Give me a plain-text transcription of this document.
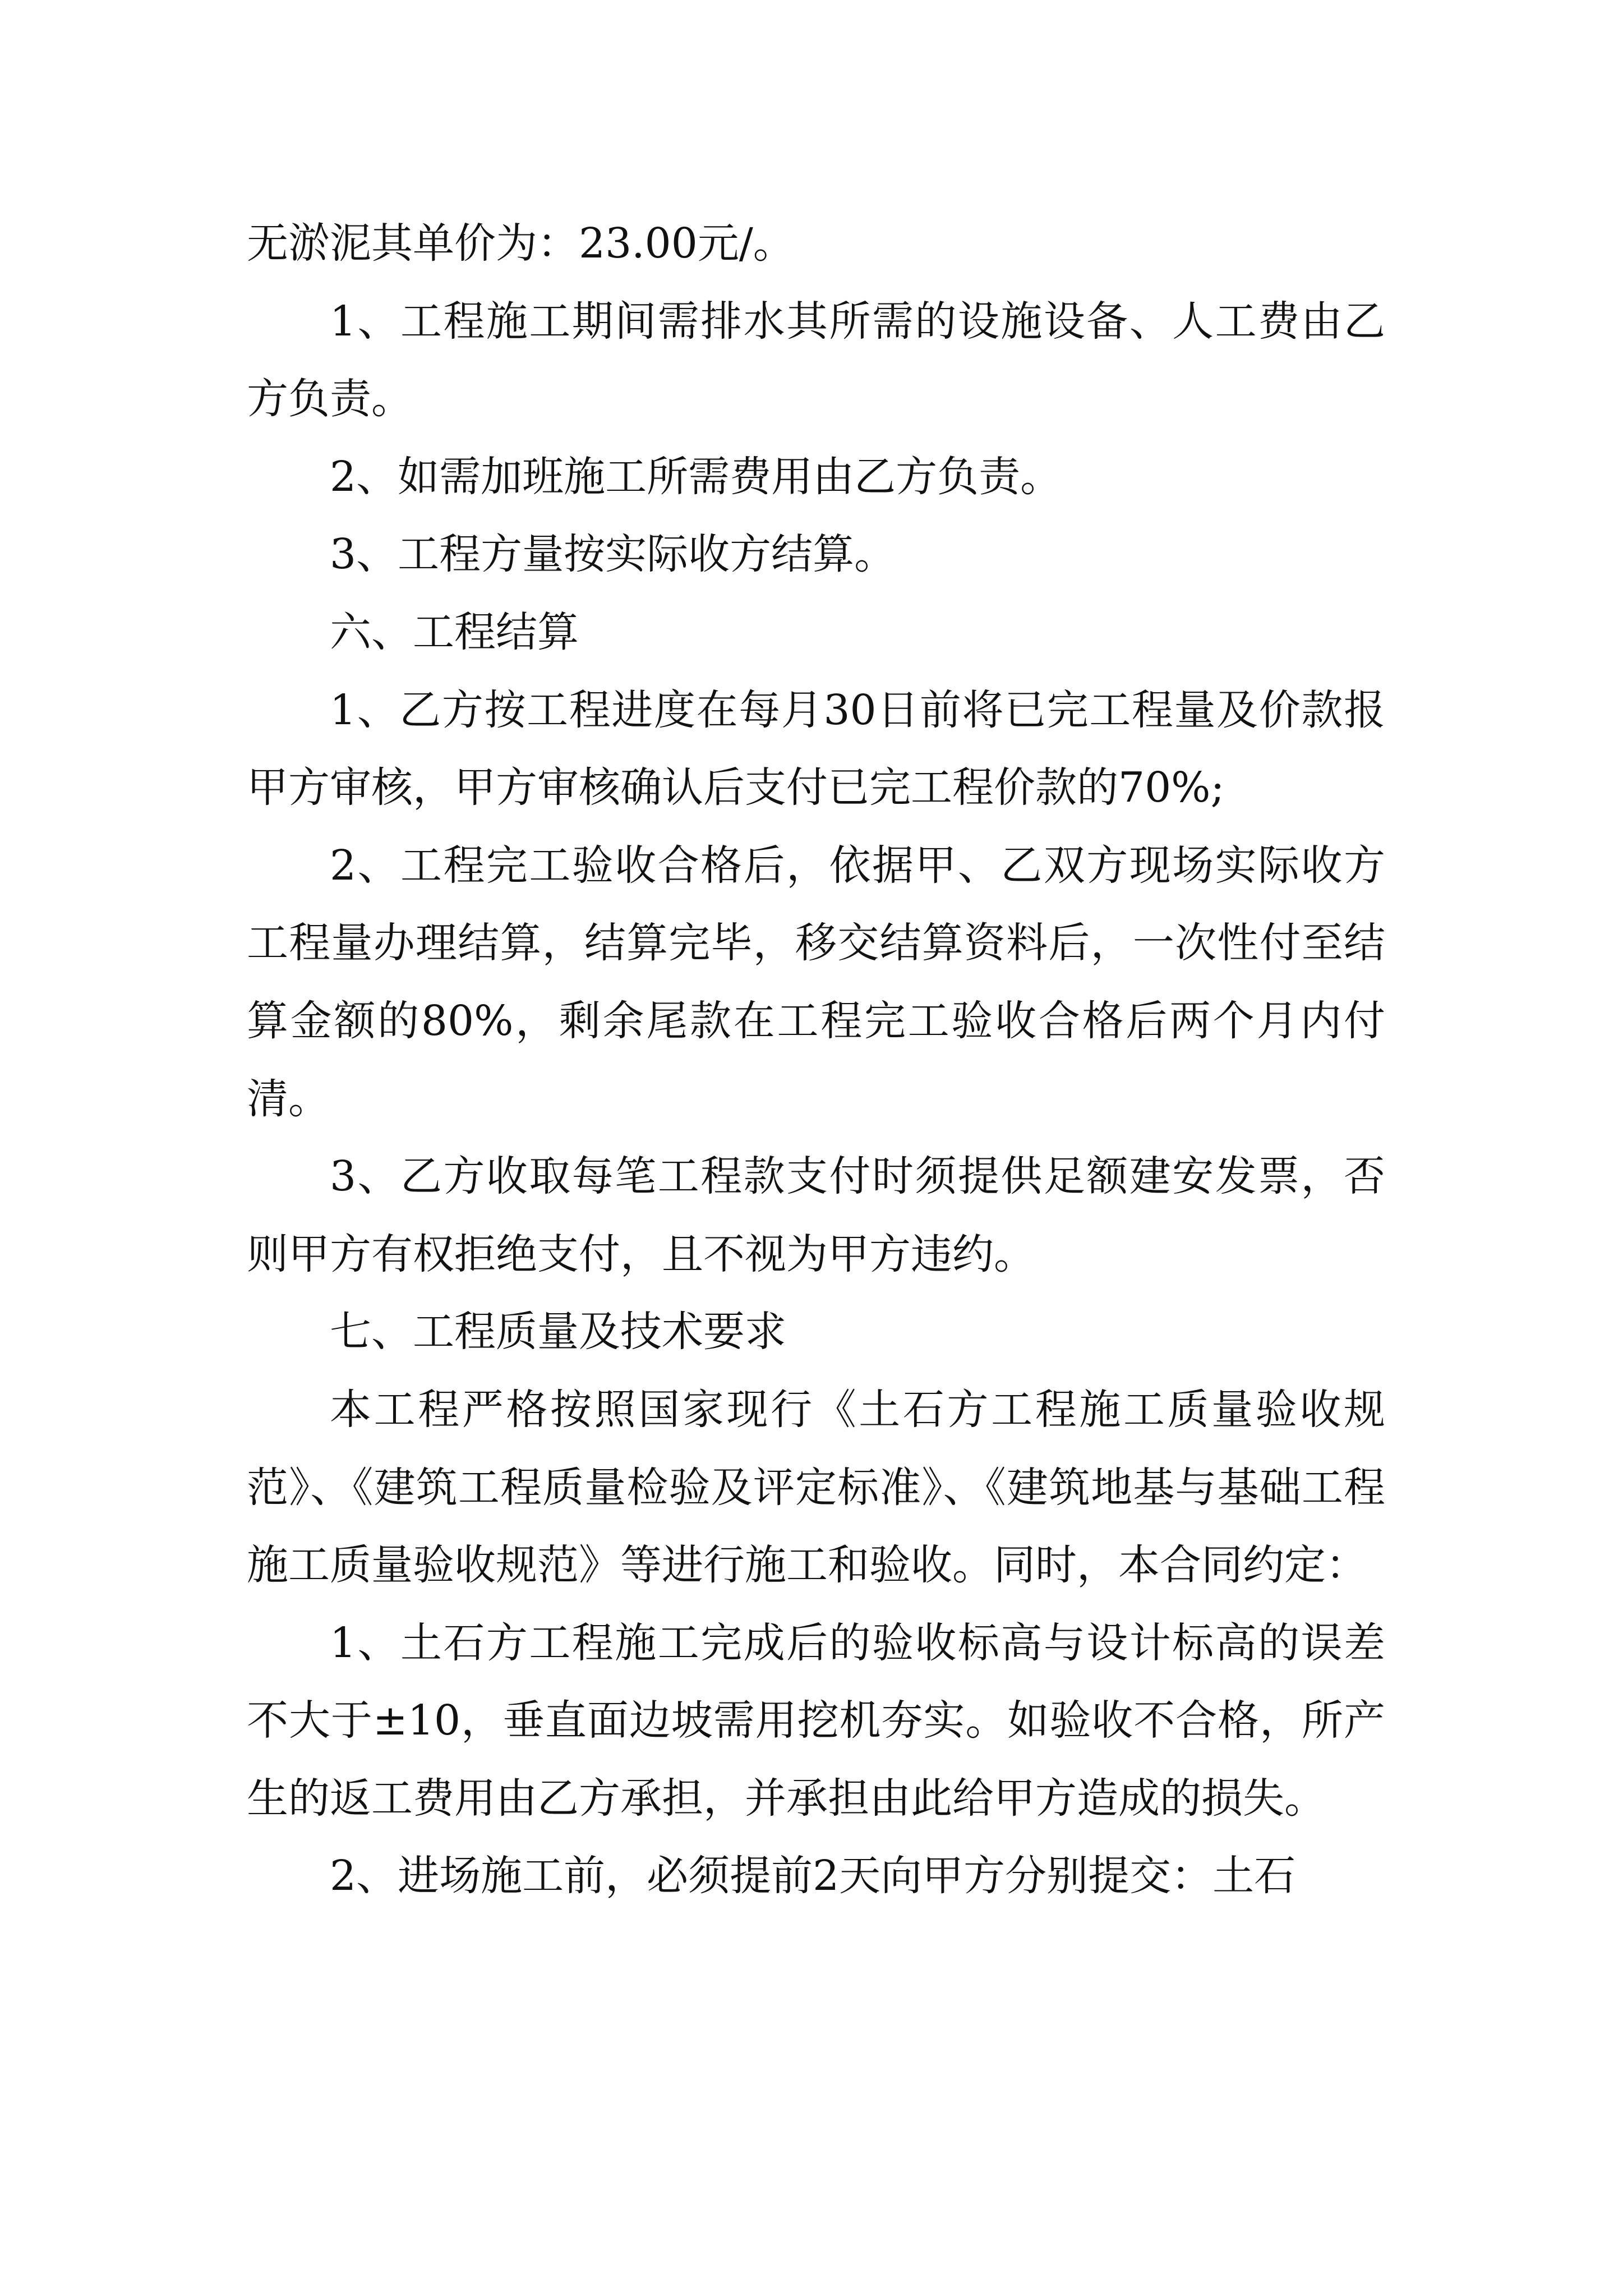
无淤泥其单价为：23.00元/。

1、工程施工期间需排水其所需的设施设备、人工费由乙方负责。

2、如需加班施工所需费用由乙方负责。

3、工程方量按实际收方结算。

六、工程结算

1、乙方按工程进度在每月30日前将已完工程量及价款报甲方审核，甲方审核确认后支付已完工程价款的70%;

2、工程完工验收合格后，依据甲、乙双方现场实际收方工程量办理结算，结算完毕，移交结算资料后，一次性付至结算金额的80%，剩余尾款在工程完工验收合格后两个月内付清。

3、乙方收取每笔工程款支付时须提供足额建安发票，否则甲方有权拒绝支付，且不视为甲方违约。

七、工程质量及技术要求

本工程严格按照国家现行《土石方工程施工质量验收规范》、《建筑工程质量检验及评定标准》、《建筑地基与基础工程施工质量验收规范》等进行施工和验收。同时，本合同约定：

1、土石方工程施工完成后的验收标高与设计标高的误差不大于±10，垂直面边坡需用挖机夯实。如验收不合格，所产生的返工费用由乙方承担，并承担由此给甲方造成的损失。

2、进场施工前，必须提前2天向甲方分别提交：土石
